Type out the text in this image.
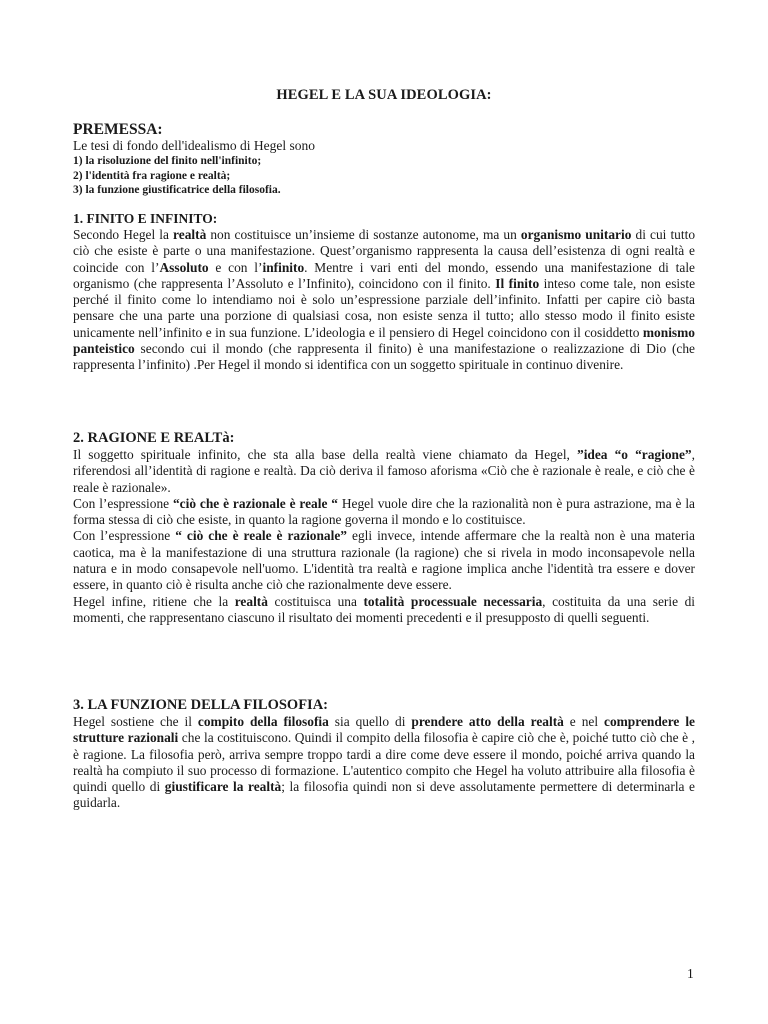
HEGEL E LA SUA IDEOLOGIA:
PREMESSA:
Le tesi di fondo dell'idealismo di Hegel sono
1) la risoluzione del finito nell'infinito;
2) l'identità fra ragione e realtà;
3) la funzione giustificatrice della filosofia.
1. FINITO E INFINITO:

Secondo Hegel la realtà non costituisce un’insieme di sostanze autonome, ma un organismo unitario di cui tutto ciò che esiste è parte o una manifestazione. Quest’organismo rappresenta la causa dell’esistenza di ogni realtà e coincide con l’Assoluto e con l’infinito. Mentre i vari enti del mondo, essendo una manifestazione di tale organismo (che rappresenta l’Assoluto e l’Infinito), coincidono con il finito. Il finito inteso come tale, non esiste perché il finito come lo intendiamo noi è solo un’espressione parziale dell’infinito. Infatti per capire ciò basta pensare che una parte una porzione di qualsiasi cosa, non esiste senza il tutto; allo stesso modo il finito esiste unicamente nell’infinito e in sua funzione. L’ideologia e il pensiero di Hegel coincidono con il cosiddetto monismo panteistico secondo cui il mondo (che rappresenta il finito) è una manifestazione o realizzazione di Dio (che rappresenta l’infinito) .Per Hegel il mondo si identifica con un soggetto spirituale in continuo divenire.

2. RAGIONE E REALTà:

Il soggetto spirituale infinito, che sta alla base della realtà viene chiamato da Hegel, ”idea “o “ragione”, riferendosi all’identità di ragione e realtà. Da ciò deriva il famoso aforisma «Ciò che è razionale è reale, e ciò che è reale è razionale».

Con l’espressione “ciò che è razionale è reale “ Hegel vuole dire che la razionalità non è pura astrazione, ma è la forma stessa di ciò che esiste, in quanto la ragione governa il mondo e lo costituisce.

Con l’espressione “ ciò che è reale è razionale” egli invece, intende affermare che la realtà non è una materia caotica, ma è la manifestazione di una struttura razionale (la ragione) che si rivela in modo inconsapevole nella natura e in modo consapevole nell'uomo. L'identità tra realtà e ragione implica anche l'identità tra essere e dover essere, in quanto ciò è risulta anche ciò che razionalmente deve essere.

Hegel infine, ritiene che la realtà costituisca una totalità processuale necessaria, costituita da una serie di momenti, che rappresentano ciascuno il risultato dei momenti precedenti e il presupposto di quelli seguenti.

3. LA FUNZIONE DELLA FILOSOFIA:

Hegel sostiene che il compito della filosofia sia quello di prendere atto della realtà e nel comprendere le strutture razionali che la costituiscono. Quindi il compito della filosofia è capire ciò che è, poiché tutto ciò che è , è ragione. La filosofia però, arriva sempre troppo tardi a dire come deve essere il mondo, poiché arriva quando la realtà ha compiuto il suo processo di formazione. L'autentico compito che Hegel ha voluto attribuire alla filosofia è quindi quello di giustificare la realtà; la filosofia quindi non si deve assolutamente permettere di determinarla e guidarla.

1
